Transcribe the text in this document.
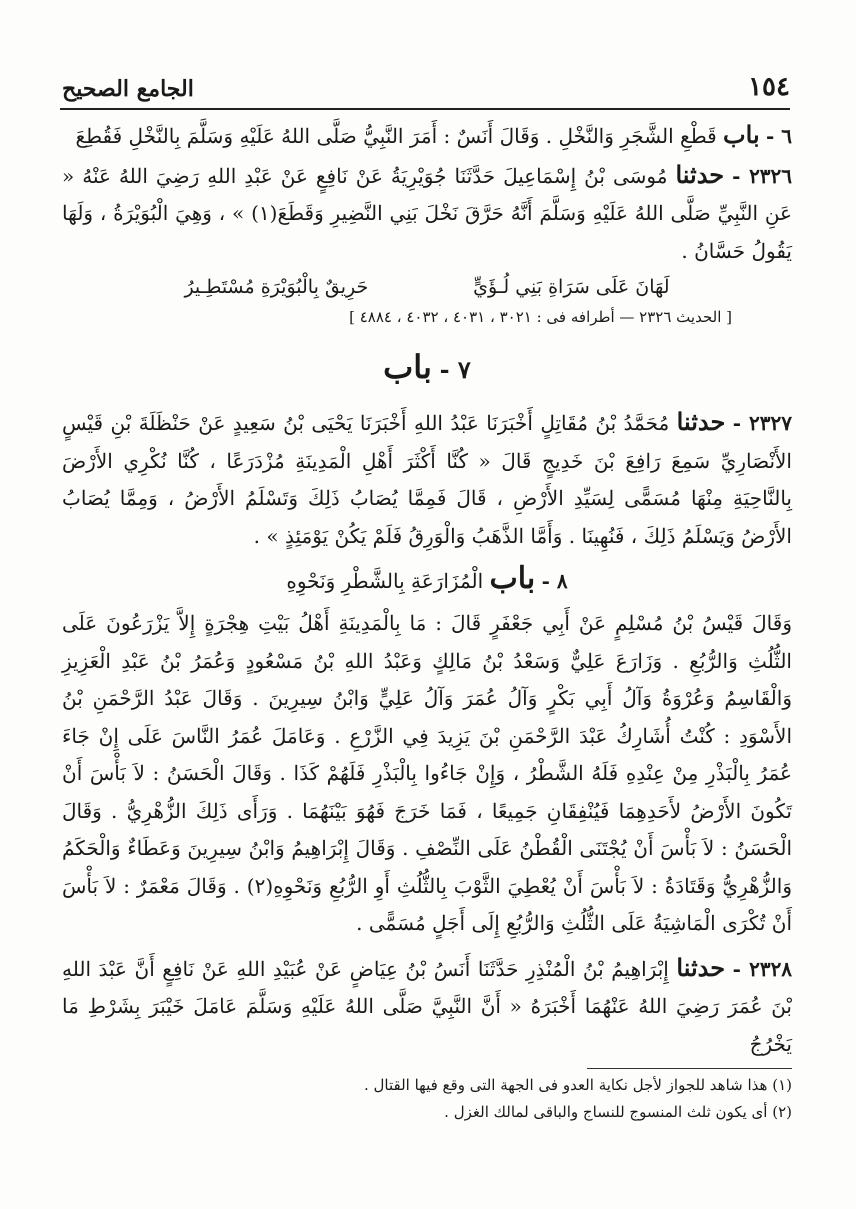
١٥٤
الجامع الصحيح

٦ - باب قَطْعِ الشَّجَرِ وَالنَّخْلِ . وَقَالَ أَنَسٌ : أَمَرَ النَّبِيُّ صَلَّى اللهُ عَلَيْهِ وَسَلَّمَ بِالنَّخْلِ فَقُطِعَ

٢٣٢٦ - حدثنا مُوسَى بْنُ إِسْمَاعِيلَ حَدَّثَنَا جُوَيْرِيَةُ عَنْ نَافِعٍ عَنْ عَبْدِ اللهِ رَضِيَ اللهُ عَنْهُ « عَنِ النَّبِيِّ صَلَّى اللهُ عَلَيْهِ وَسَلَّمَ أَنَّهُ حَرَّقَ نَخْلَ بَنِي النَّضِيرِ وَقَطَعَ(١) » ، وَهِيَ الْبُوَيْرَةُ ، وَلَهَا يَقُولُ حَسَّانُ .

لَهَانَ عَلَى سَرَاةِ بَنِي لُـؤَيٍّ
حَرِيقٌ بِالْبُوَيْرَةِ مُسْتَطِـيرُ
[ الحديث ٢٣٢٦ — أطرافه فى : ٣٠٢١ ، ٤٠٣١ ، ٤٠٣٢ ، ٤٨٨٤ ]
٧ - باب

٢٣٢٧ - حدثنا مُحَمَّدُ بْنُ مُقَاتِلٍ أَخْبَرَنَا عَبْدُ اللهِ أَخْبَرَنَا يَحْيَى بْنُ سَعِيدٍ عَنْ حَنْظَلَةَ بْنِ قَيْسٍ الأَنْصَارِيِّ سَمِعَ رَافِعَ بْنَ خَدِيجٍ قَالَ « كُنَّا أَكْثَرَ أَهْلِ الْمَدِينَةِ مُزْدَرَعًا ، كُنَّا نُكْرِي الأَرْضَ بِالنَّاحِيَةِ مِنْهَا مُسَمًّى لِسَيِّدِ الأَرْضِ ، قَالَ فَمِمَّا يُصَابُ ذَلِكَ وَتَسْلَمُ الأَرْضُ ، وَمِمَّا يُصَابُ الأَرْضُ وَيَسْلَمُ ذَلِكَ ، فَنُهِينَا . وَأَمَّا الذَّهَبُ وَالْوَرِقُ فَلَمْ يَكُنْ يَوْمَئِذٍ » .

٨ - باب الْمُزَارَعَةِ بِالشَّطْرِ وَنَحْوِهِ

وَقَالَ قَيْسُ بْنُ مُسْلِمٍ عَنْ أَبِي جَعْفَرٍ قَالَ : مَا بِالْمَدِينَةِ أَهْلُ بَيْتِ هِجْرَةٍ إِلاَّ يَزْرَعُونَ عَلَى الثُّلُثِ وَالرُّبُعِ . وَزَارَعَ عَلِيٌّ وَسَعْدُ بْنُ مَالِكٍ وَعَبْدُ اللهِ بْنُ مَسْعُودٍ وَعُمَرُ بْنُ عَبْدِ الْعَزِيزِ وَالْقَاسِمُ وَعُرْوَةُ وَآلُ أَبِي بَكْرٍ وَآلُ عُمَرَ وَآلُ عَلِيٍّ وَابْنُ سِيرِينَ . وَقَالَ عَبْدُ الرَّحْمَنِ بْنُ الأَسْوَدِ : كُنْتُ أُشَارِكُ عَبْدَ الرَّحْمَنِ بْنَ يَزِيدَ فِي الزَّرْعِ . وَعَامَلَ عُمَرُ النَّاسَ عَلَى إِنْ جَاءَ عُمَرُ بِالْبَذْرِ مِنْ عِنْدِهِ فَلَهُ الشَّطْرُ ، وَإِنْ جَاءُوا بِالْبَذْرِ فَلَهُمْ كَذَا . وَقَالَ الْحَسَنُ : لاَ بَأْسَ أَنْ تَكُونَ الأَرْضُ لأَحَدِهِمَا فَيُنْفِقَانِ جَمِيعًا ، فَمَا خَرَجَ فَهُوَ بَيْنَهُمَا . وَرَأَى ذَلِكَ الزُّهْرِيُّ . وَقَالَ الْحَسَنُ : لاَ بَأْسَ أَنْ يُجْتَنَى الْقُطْنُ عَلَى النِّصْفِ . وَقَالَ إِبْرَاهِيمُ وَابْنُ سِيرِينَ وَعَطَاءٌ وَالْحَكَمُ وَالزُّهْرِيُّ وَقَتَادَةُ : لاَ بَأْسَ أَنْ يُعْطِيَ الثَّوْبَ بِالثُّلُثِ أَوِ الرُّبُعِ وَنَحْوِهِ(٢) . وَقَالَ مَعْمَرٌ : لاَ بَأْسَ أَنْ تُكْرَى الْمَاشِيَةُ عَلَى الثُّلُثِ وَالرُّبُعِ إِلَى أَجَلٍ مُسَمًّى .

٢٣٢٨ - حدثنا إِبْرَاهِيمُ بْنُ الْمُنْذِرِ حَدَّثَنَا أَنَسُ بْنُ عِيَاضٍ عَنْ عُبَيْدِ اللهِ عَنْ نَافِعٍ أَنَّ عَبْدَ اللهِ بْنَ عُمَرَ رَضِيَ اللهُ عَنْهُمَا أَخْبَرَهُ « أَنَّ النَّبِيَّ صَلَّى اللهُ عَلَيْهِ وَسَلَّمَ عَامَلَ خَيْبَرَ بِشَرْطِ مَا يَخْرُجُ

(١) هذا شاهد للجواز لأجل نكاية العدو فى الجهة التى وقع فيها القتال .
(٢) أى يكون ثلث المنسوج للنساج والباقى لمالك الغزل .
